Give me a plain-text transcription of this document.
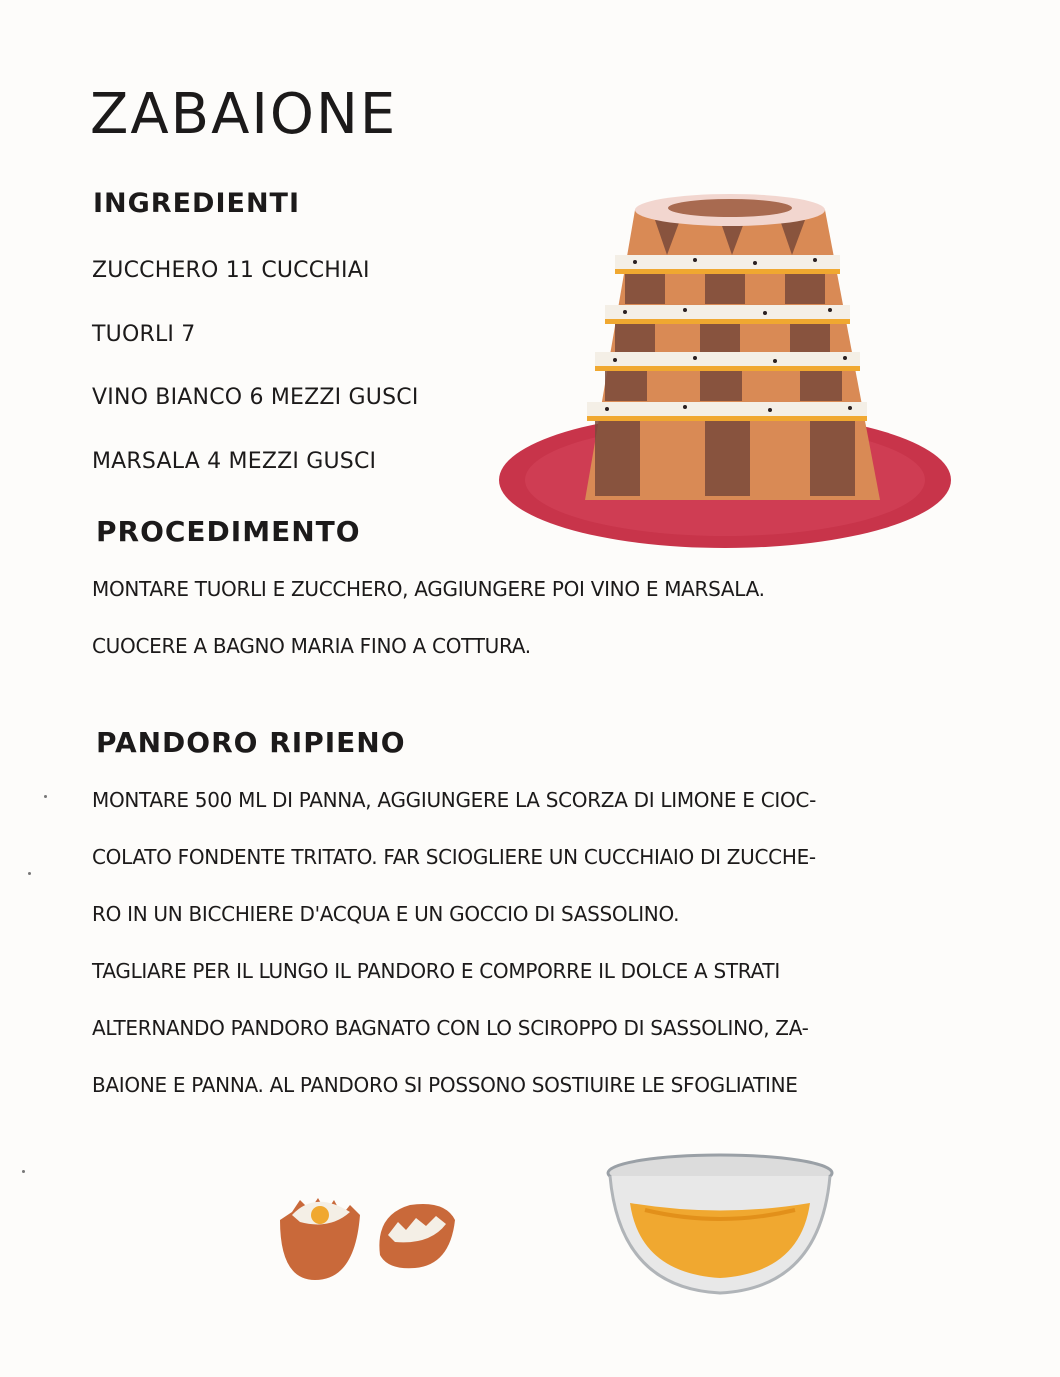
ZABAIONE
INGREDIENTI
ZUCCHERO 11 CUCCHIAI
TUORLI 7
VINO BIANCO 6 MEZZI GUSCI
MARSALA 4 MEZZI GUSCI
PROCEDIMENTO
MONTARE TUORLI E ZUCCHERO, AGGIUNGERE POI VINO E MARSALA.
CUOCERE A BAGNO MARIA FINO A COTTURA.
PANDORO RIPIENO
MONTARE 500 ML DI PANNA, AGGIUNGERE LA SCORZA DI LIMONE E CIOC-
COLATO FONDENTE TRITATO. FAR SCIOGLIERE UN CUCCHIAIO DI ZUCCHE-
RO IN UN BICCHIERE D'ACQUA E UN GOCCIO DI SASSOLINO.
TAGLIARE PER IL LUNGO IL PANDORO E COMPORRE IL DOLCE A STRATI
ALTERNANDO PANDORO BAGNATO CON LO SCIROPPO DI SASSOLINO, ZA-
BAIONE E PANNA. AL PANDORO SI POSSONO SOSTIUIRE LE SFOGLIATINE
